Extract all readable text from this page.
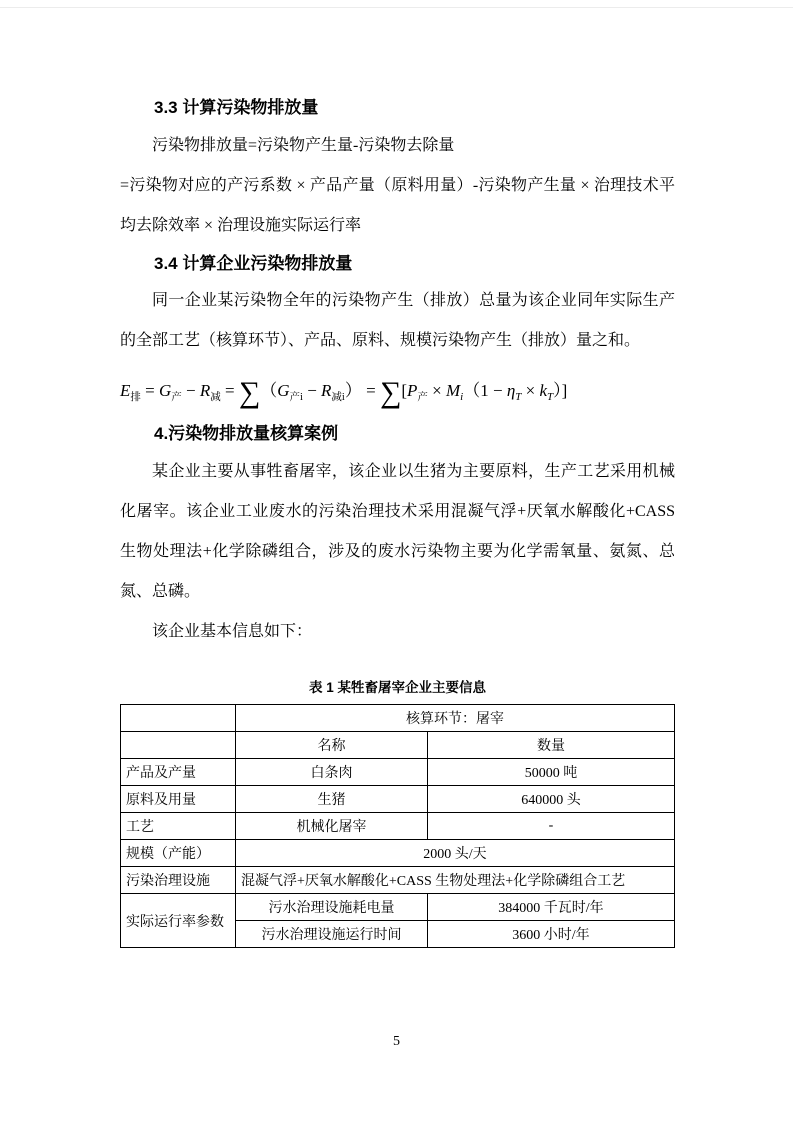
3.3 计算污染物排放量

污染物排放量=污染物产生量-污染物去除量

=污染物对应的产污系数 × 产品产量（原料用量）-污染物产生量 × 治理技术平均去除效率 × 治理设施实际运行率

3.4 计算企业污染物排放量

同一企业某污染物全年的污染物产生（排放）总量为该企业同年实际生产的全部工艺（核算环节）、产品、原料、规模污染物产生（排放）量之和。

$E_排 = G_产 - R_减 = \sum(G_{产i} - R_{减i}) = \sum[P_产 \times M_i(1 - \eta_T \times k_T)]$
4.污染物排放量核算案例

某企业主要从事牲畜屠宰，该企业以生猪为主要原料，生产工艺采用机械化屠宰。该企业工业废水的污染治理技术采用混凝气浮+厌氧水解酸化+CASS 生物处理法+化学除磷组合，涉及的废水污染物主要为化学需氧量、氨氮、总氮、总磷。

该企业基本信息如下：

表 1 某牲畜屠宰企业主要信息
	核算环节：屠宰	
	名称	数量
产品及产量	白条肉	50000 吨
原料及用量	生猪	640000 头
工艺	机械化屠宰	-
规模（产能）	2000 头/天	
污染治理设施	混凝气浮+厌氧水解酸化+CASS 生物处理法+化学除磷组合工艺	
实际运行率参数	污水治理设施耗电量	384000 千瓦时/年
	污水治理设施运行时间	3600 小时/年
5
